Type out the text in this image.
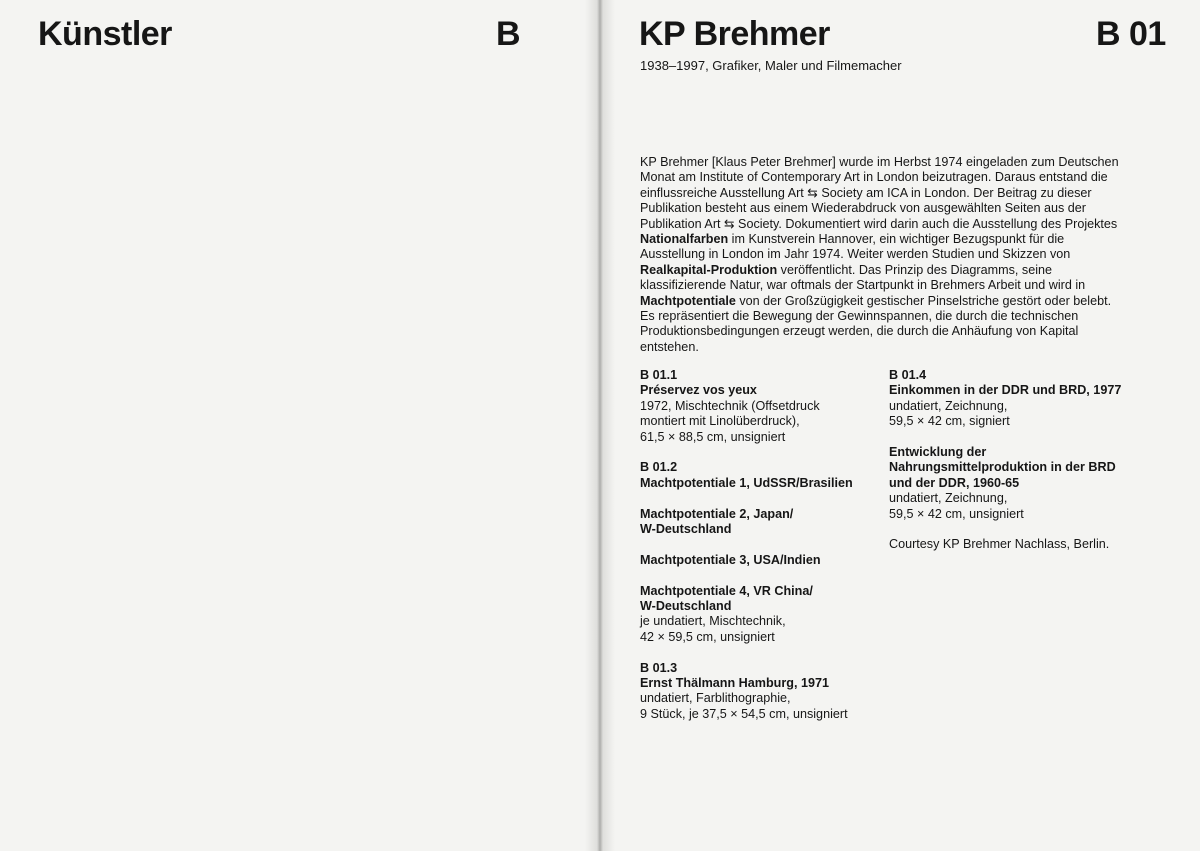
Künstler	B	KP Brehmer	B 01
1938–1997, Grafiker, Maler und Filmemacher

KP Brehmer [Klaus Peter Brehmer] wurde im Herbst 1974 eingeladen zum Deutschen Monat am Institute of Contemporary Art in London beizutragen. Daraus entstand die einflussreiche Ausstellung Art ⇆ Society am ICA in London. Der Beitrag zu dieser Publikation besteht aus einem Wiederabdruck von ausgewählten Seiten aus der Publikation Art ⇆ Society. Dokumentiert wird darin auch die Ausstellung des Projektes Nationalfarben im Kunstverein Hannover, ein wichtiger Bezugspunkt für die Ausstellung in London im Jahr 1974. Weiter werden Studien und Skizzen von Realkapital-Produktion veröffentlicht. Das Prinzip des Diagramms, seine klassifizierende Natur, war oftmals der Startpunkt in Brehmers Arbeit und wird in Machtpotentiale von der Großzügigkeit gestischer Pinselstriche gestört oder belebt. Es repräsentiert die Bewegung der Gewinnspannen, die durch die technischen Produktionsbedingungen erzeugt werden, die durch die Anhäufung von Kapital entstehen.

B 01.1
Préservez vos yeux
1972, Mischtechnik (Offsetdruck
montiert mit Linolüberdruck),
61,5 × 88,5 cm, unsigniert
B 01.2
Machtpotentiale 1, UdSSR/Brasilien
Machtpotentiale 2, Japan/
W-Deutschland
Machtpotentiale 3, USA/Indien
Machtpotentiale 4, VR China/
W-Deutschland
je undatiert, Mischtechnik,
42 × 59,5 cm, unsigniert
B 01.3
Ernst Thälmann Hamburg, 1971
undatiert, Farblithographie,
9 Stück, je 37,5 × 54,5 cm, unsigniert
B 01.4
Einkommen in der DDR und BRD, 1977
undatiert, Zeichnung,
59,5 × 42 cm, signiert
Entwicklung der
Nahrungsmittelproduktion in der BRD
und der DDR, 1960-65
undatiert, Zeichnung,
59,5 × 42 cm, unsigniert
Courtesy KP Brehmer Nachlass, Berlin.
